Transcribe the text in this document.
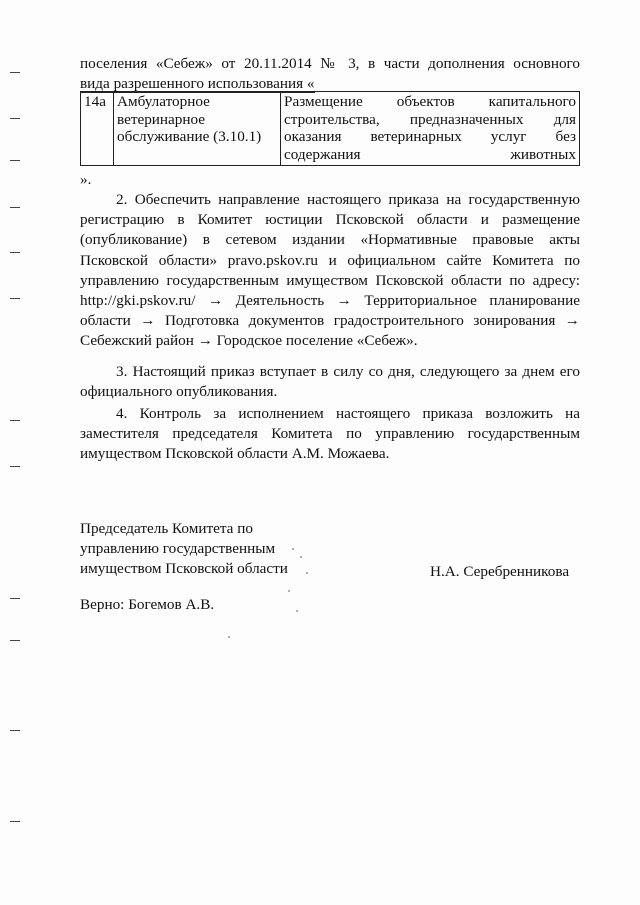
поселения «Себеж» от 20.11.2014 № 3, в части дополнения основного

вида разрешенного использования «

14а	Амбулаторное ветеринарное обслуживание (3.10.1)	Размещение объектов капитального строительства, предназначенных для оказания ветеринарных услуг без содержания животных

».

2. Обеспечить направление настоящего приказа на государственную регистрацию в Комитет юстиции Псковской области и размещение (опубликование) в сетевом издании «Нормативные правовые акты Псковской области» pravo.pskov.ru и официальном сайте Комитета по управлению государственным имуществом Псковской области по адресу: http://gki.pskov.ru/ → Деятельность → Территориальное планирование области → Подготовка документов градостроительного зонирования → Себежский район → Городское поселение «Себеж».

3. Настоящий приказ вступает в силу со дня, следующего за днем его официального опубликования.

4. Контроль за исполнением настоящего приказа возложить на заместителя председателя Комитета по управлению государственным имуществом Псковской области А.М. Можаева.

Председатель Комитета по
управлению государственным
имуществом Псковской области
Верно: Богемов А.В.
Н.А. Серебренникова
